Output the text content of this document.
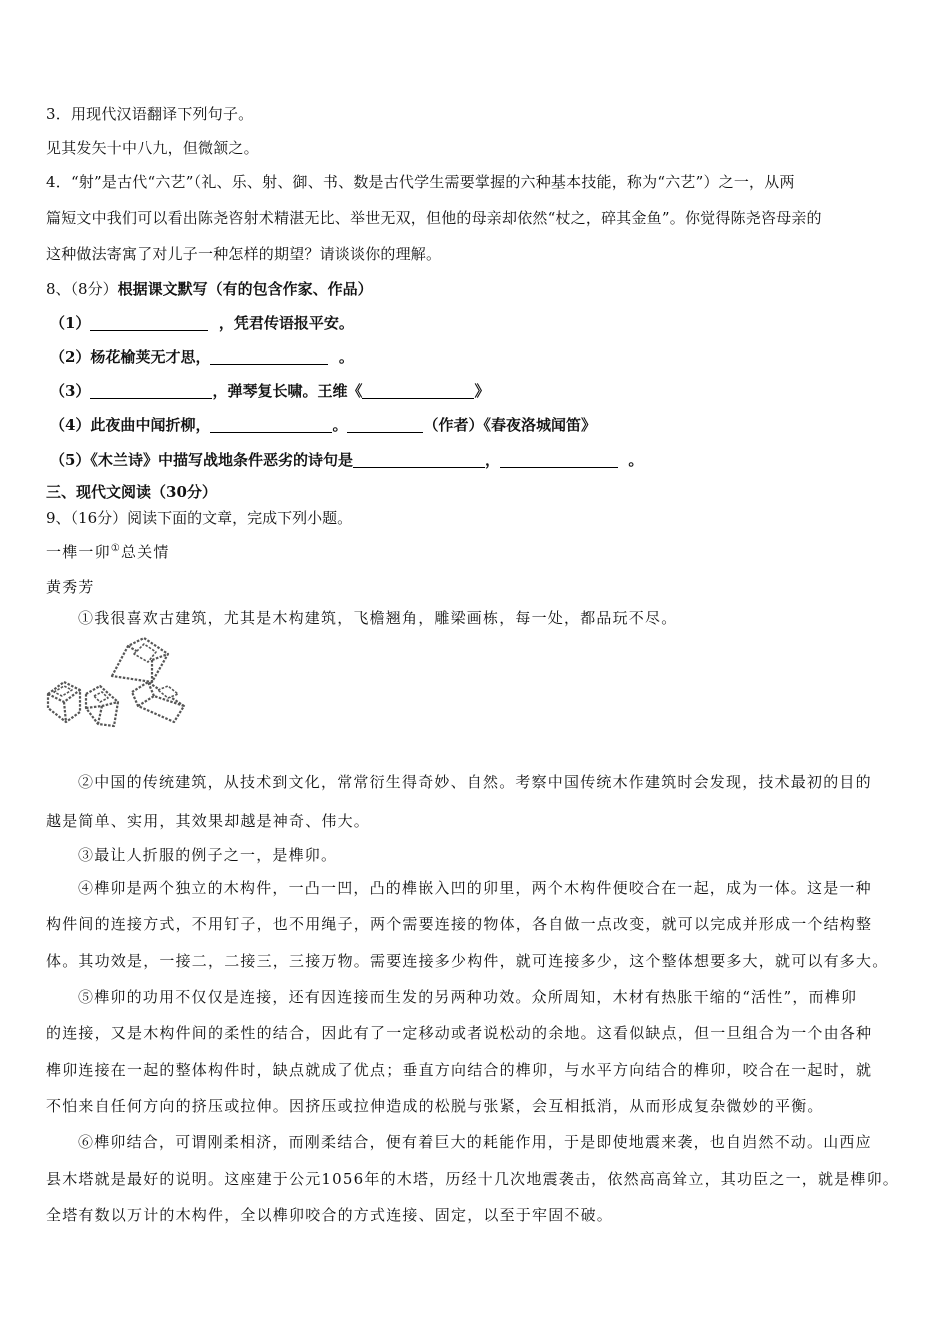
3．用现代汉语翻译下列句子。
见其发矢十中八九，但微颔之。
4．“射”是古代“六艺”（礼、乐、射、御、书、数是古代学生需要掌握的六种基本技能，称为“六艺”）之一，从两
篇短文中我们可以看出陈尧咨射术精湛无比、举世无双，但他的母亲却依然“杖之，碎其金鱼”。你觉得陈尧咨母亲的
这种做法寄寓了对儿子一种怎样的期望？请谈谈你的理解。
8、（8分）根据课文默写（有的包含作家、作品）
（1）	，凭君传语报平安。
（2）杨花榆荚无才思，	。
（3）	，弹琴复长啸。王维《	》
（4）此夜曲中闻折柳，	。	（作者）《春夜洛城闻笛》
（5）《木兰诗》中描写战地条件恶劣的诗句是	，	。
三、现代文阅读（30分）
9、（16分）阅读下面的文章，完成下列小题。
一榫一卯①总关情
黄秀芳
①我很喜欢古建筑，尤其是木构建筑，飞檐翘角，雕梁画栋，每一处，都品玩不尽。
②中国的传统建筑，从技术到文化，常常衍生得奇妙、自然。考察中国传统木作建筑时会发现，技术最初的目的
越是简单、实用，其效果却越是神奇、伟大。
③最让人折服的例子之一，是榫卯。
④榫卯是两个独立的木构件，一凸一凹，凸的榫嵌入凹的卯里，两个木构件便咬合在一起，成为一体。这是一种
构件间的连接方式，不用钉子，也不用绳子，两个需要连接的物体，各自做一点改变，就可以完成并形成一个结构整
体。其功效是，一接二，二接三，三接万物。需要连接多少构件，就可连接多少，这个整体想要多大，就可以有多大。
⑤榫卯的功用不仅仅是连接，还有因连接而生发的另两种功效。众所周知，木材有热胀干缩的“活性”，而榫卯
的连接，又是木构件间的柔性的结合，因此有了一定移动或者说松动的余地。这看似缺点，但一旦组合为一个由各种
榫卯连接在一起的整体构件时，缺点就成了优点；垂直方向结合的榫卯，与水平方向结合的榫卯，咬合在一起时，就
不怕来自任何方向的挤压或拉伸。因挤压或拉伸造成的松脱与张紧，会互相抵消，从而形成复杂微妙的平衡。
⑥榫卯结合，可谓刚柔相济，而刚柔结合，便有着巨大的耗能作用，于是即使地震来袭，也自岿然不动。山西应
县木塔就是最好的说明。这座建于公元1056年的木塔，历经十几次地震袭击，依然高高耸立，其功臣之一，就是榫卯。
全塔有数以万计的木构件，全以榫卯咬合的方式连接、固定，以至于牢固不破。
